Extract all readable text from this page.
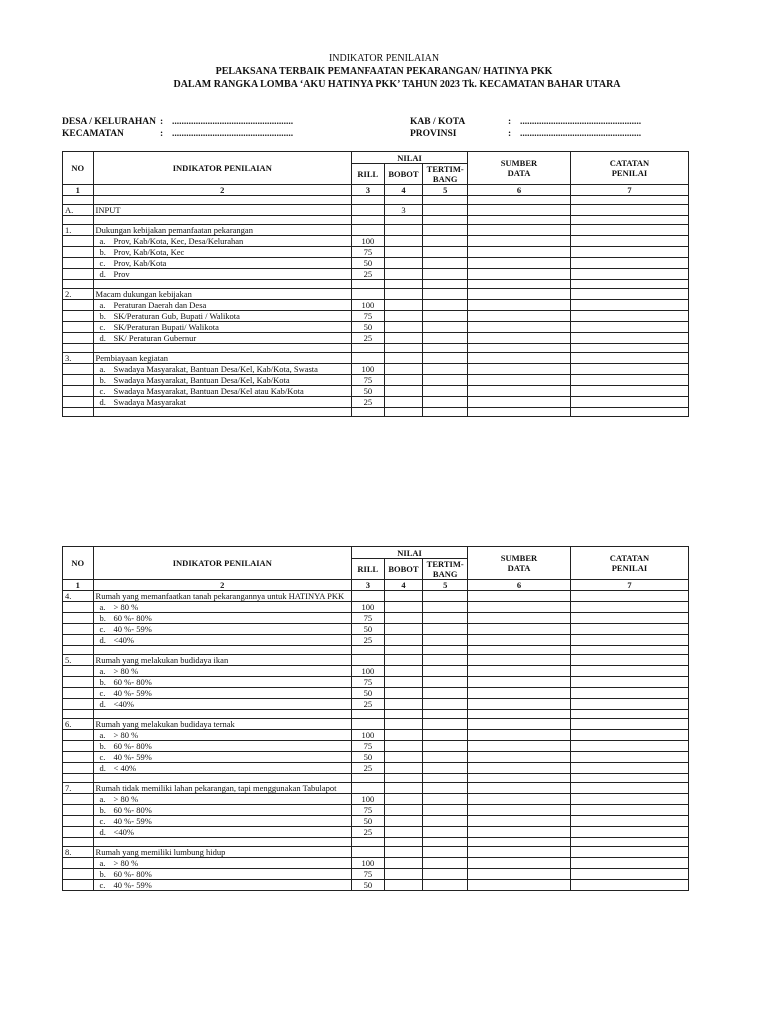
INDIKATOR PENILAIAN
PELAKSANA TERBAIK PEMANFAATAN PEKARANGAN/ HATINYA PKK
DALAM RANGKA LOMBA ‘AKU HATINYA PKK’ TAHUN 2023 Tk. KECAMATAN BAHAR UTARA
DESA / KELURAHAN : ...................................................
KECAMATAN	: ...................................................
KAB / KOTA	: ...................................................
PROVINSI	: ...................................................
NO	INDIKATOR PENILAIAN	NILAI			SUMBER
DATA	CATATAN
PENILAI
		RILL	BOBOT	TERTIM-
BANG		
1	2	3	4	5	6	7

A.	INPUT		3			

1.	Dukungan kebijakan pemanfaatan pekarangan					

	a. Prov, Kab/Kota, Kec, Desa/Kelurahan	100				

	b. Prov, Kab/Kota, Kec	75				

	c. Prov, Kab/Kota	50				

	d. Prov	25				

2.	Macam dukungan kebijakan					

	a. Peraturan Daerah dan Desa	100				

	b. SK/Peraturan Gub, Bupati / Walikota	75				

	c. SK/Peraturan Bupati/ Walikota	50				

	d. SK/ Peraturan Gubernur	25				

3.	Pembiayaan kegiatan					

	a. Swadaya Masyarakat, Bantuan Desa/Kel, Kab/Kota, Swasta	100				

	b. Swadaya Masyarakat, Bantuan Desa/Kel, Kab/Kota	75				

	c. Swadaya Masyarakat, Bantuan Desa/Kel atau Kab/Kota	50				

	d. Swadaya Masyarakat	25				

NO	INDIKATOR PENILAIAN	NILAI			SUMBER
DATA	CATATAN
PENILAI
		RILL	BOBOT	TERTIM-
BANG		
1	2	3	4	5	6	7
4.	Rumah yang memanfaatkan tanah pekarangannya untuk HATINYA PKK					

	a. > 80 %	100				

	b. 60 %- 80%	75				

	c. 40 %- 59%	50				

	d. <40%	25				

5.	Rumah yang melakukan budidaya ikan					

	a. > 80 %	100				

	b. 60 %- 80%	75				

	c. 40 %- 59%	50				

	d. <40%	25				

6.	Rumah yang melakukan budidaya ternak					

	a. > 80 %	100				

	b. 60 %- 80%	75				

	c. 40 %- 59%	50				

	d. < 40%	25				

7.	Rumah tidak memiliki lahan pekarangan, tapi menggunakan Tabulapot					

	a. > 80 %	100				

	b. 60 %- 80%	75				

	c. 40 %- 59%	50				

	d. <40%	25				

8.	Rumah yang memiliki lumbung hidup					

	a. > 80 %	100				

	b. 60 %- 80%	75				

	c. 40 %- 59%	50				
